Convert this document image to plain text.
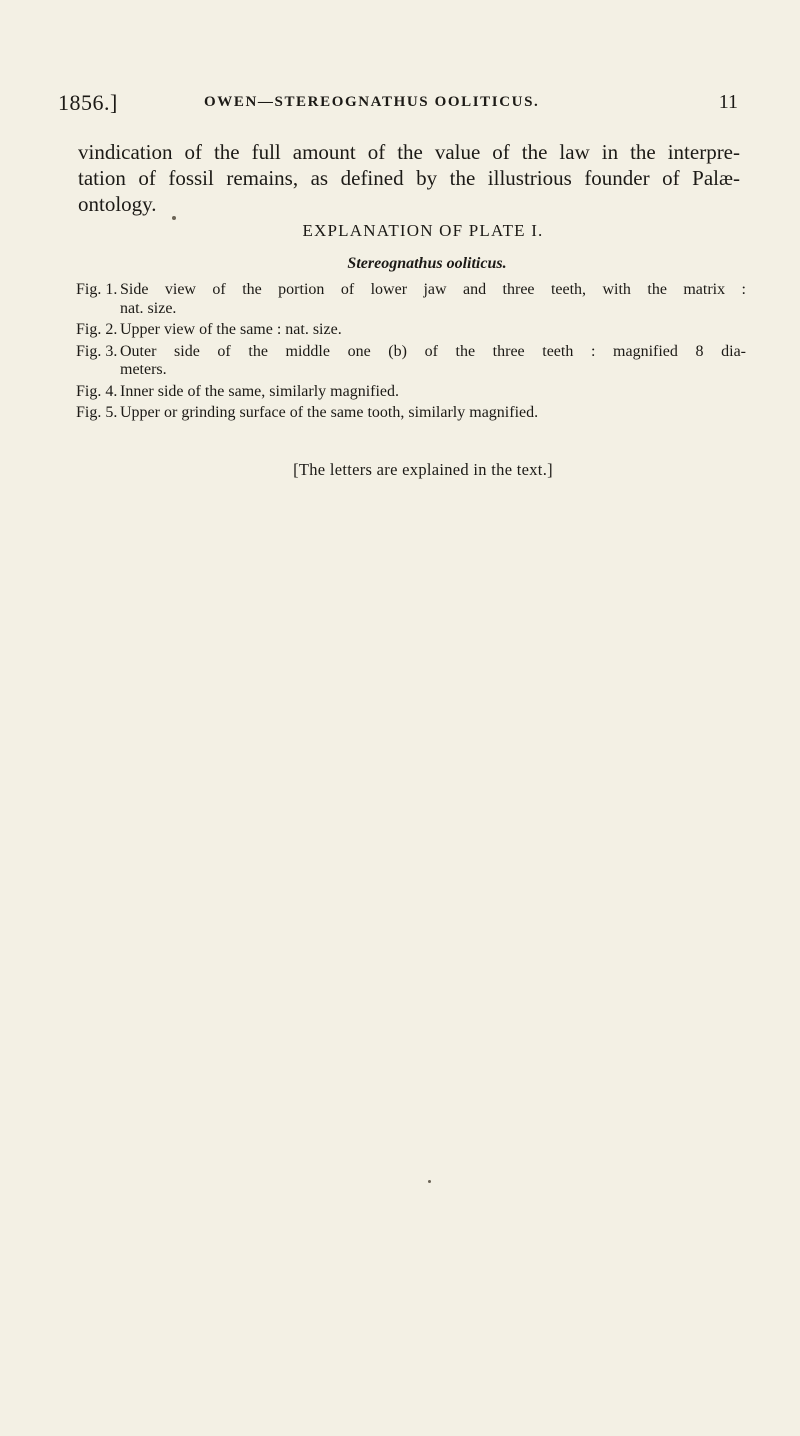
1856.]	OWEN—STEREOGNATHUS OOLITICUS.	11
vindication of the full amount of the value of the law in the interpre-
tation of fossil remains, as defined by the illustrious founder of Palæ-
ontology.
EXPLANATION OF PLATE I.
Stereognathus ooliticus.
Fig. 1. Side view of the portion of lower jaw and three teeth, with the matrix :
nat. size.
Fig. 2. Upper view of the same : nat. size.
Fig. 3. Outer side of the middle one (b) of the three teeth : magnified 8 dia-
meters.
Fig. 4. Inner side of the same, similarly magnified.
Fig. 5. Upper or grinding surface of the same tooth, similarly magnified.
[The letters are explained in the text.]
